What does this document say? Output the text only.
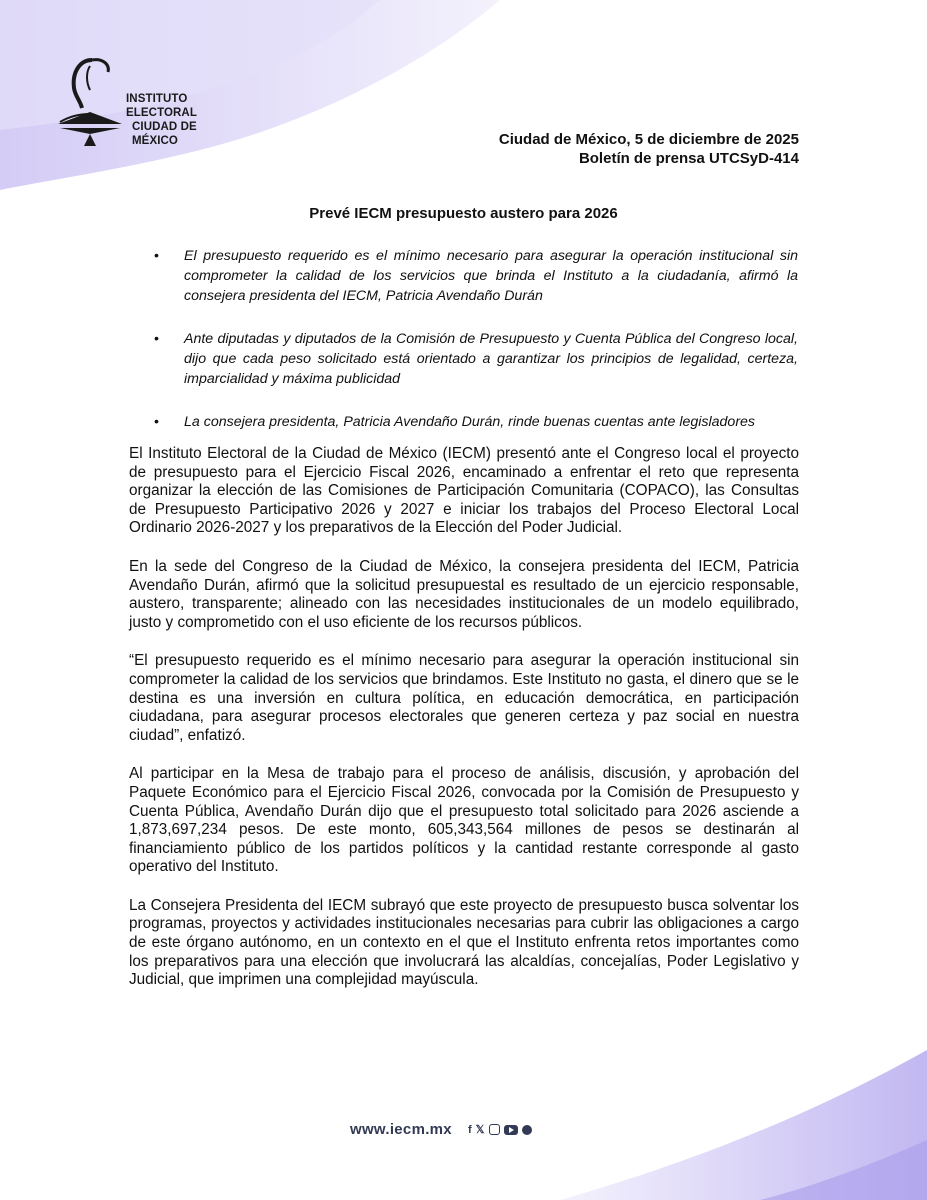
INSTITUTO ELECTORAL
CIUDAD DE MÉXICO	Ciudad de México, 5 de diciembre de 2025
Boletín de prensa UTCSyD-414
Prevé IECM presupuesto austero para 2026
• El presupuesto requerido es el mínimo necesario para asegurar la operación institucional sin comprometer la calidad de los servicios que brinda el Instituto a la ciudadanía, afirmó la consejera presidenta del IECM, Patricia Avendaño Durán
• Ante diputadas y diputados de la Comisión de Presupuesto y Cuenta Pública del Congreso local, dijo que cada peso solicitado está orientado a garantizar los principios de legalidad, certeza, imparcialidad y máxima publicidad
• La consejera presidenta, Patricia Avendaño Durán, rinde buenas cuentas ante legisladores

El Instituto Electoral de la Ciudad de México (IECM) presentó ante el Congreso local el proyecto de presupuesto para el Ejercicio Fiscal 2026, encaminado a enfrentar el reto que representa organizar la elección de las Comisiones de Participación Comunitaria (COPACO), las Consultas de Presupuesto Participativo 2026 y 2027 e iniciar los trabajos del Proceso Electoral Local Ordinario 2026-2027 y los preparativos de la Elección del Poder Judicial.

En la sede del Congreso de la Ciudad de México, la consejera presidenta del IECM, Patricia Avendaño Durán, afirmó que la solicitud presupuestal es resultado de un ejercicio responsable, austero, transparente; alineado con las necesidades institucionales de un modelo equilibrado, justo y comprometido con el uso eficiente de los recursos públicos.

“El presupuesto requerido es el mínimo necesario para asegurar la operación institucional sin comprometer la calidad de los servicios que brindamos. Este Instituto no gasta, el dinero que se le destina es una inversión en cultura política, en educación democrática, en participación ciudadana, para asegurar procesos electorales que generen certeza y paz social en nuestra ciudad”, enfatizó.

Al participar en la Mesa de trabajo para el proceso de análisis, discusión, y aprobación del Paquete Económico para el Ejercicio Fiscal 2026, convocada por la Comisión de Presupuesto y Cuenta Pública, Avendaño Durán dijo que el presupuesto total solicitado para 2026 asciende a 1,873,697,234 pesos. De este monto, 605,343,564 millones de pesos se destinarán al financiamiento público de los partidos políticos y la cantidad restante corresponde al gasto operativo del Instituto.

La Consejera Presidenta del IECM subrayó que este proyecto de presupuesto busca solventar los programas, proyectos y actividades institucionales necesarias para cubrir las obligaciones a cargo de este órgano autónomo, en un contexto en el que el Instituto enfrenta retos importantes como los preparativos para una elección que involucrará las alcaldías, concejalías, Poder Legislativo y Judicial, que imprimen una complejidad mayúscula.

www.iecm.mx f 𝕏
